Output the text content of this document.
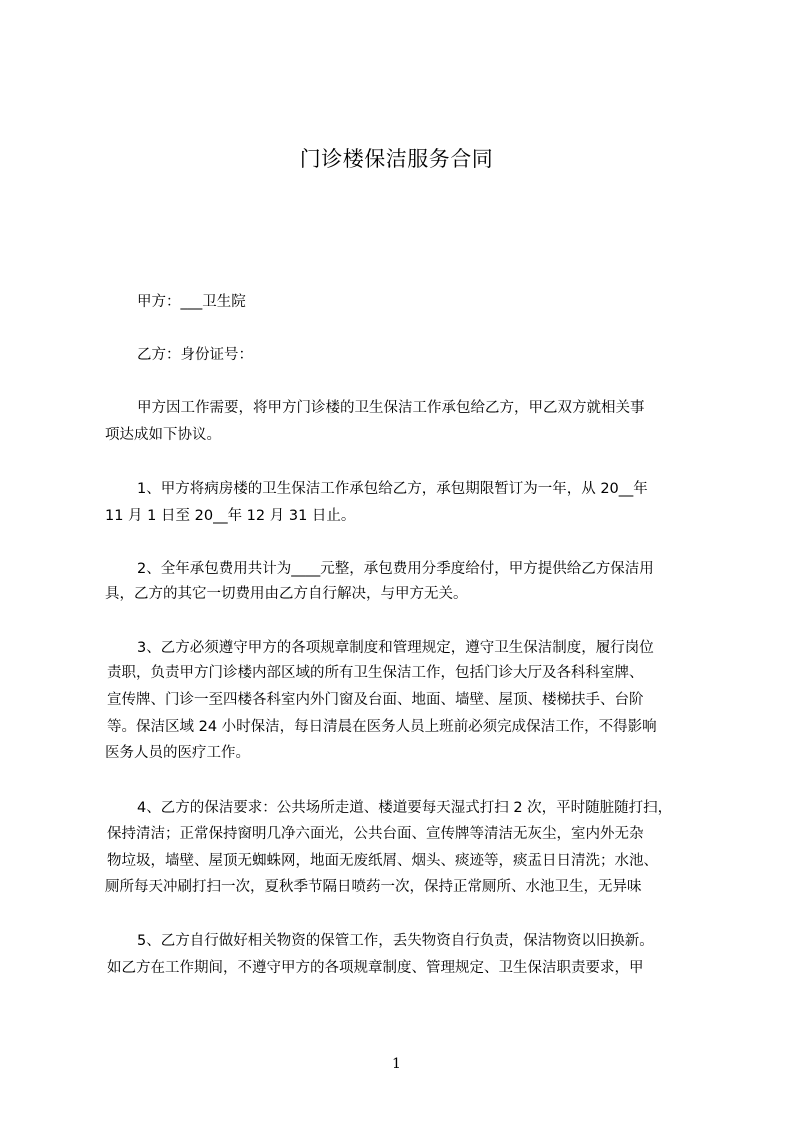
门诊楼保洁服务合同
甲方：___卫生院
乙方：身份证号：
甲方因工作需要，将甲方门诊楼的卫生保洁工作承包给乙方，甲乙双方就相关事
项达成如下协议。
1、甲方将病房楼的卫生保洁工作承包给乙方，承包期限暂订为一年，从 20__年
11 月 1 日至 20__年 12 月 31 日止。
2、全年承包费用共计为____元整，承包费用分季度给付，甲方提供给乙方保洁用
具，乙方的其它一切费用由乙方自行解决，与甲方无关。
3、乙方必须遵守甲方的各项规章制度和管理规定，遵守卫生保洁制度，履行岗位
责职，负责甲方门诊楼内部区域的所有卫生保洁工作，包括门诊大厅及各科科室牌、
宣传牌、门诊一至四楼各科室内外门窗及台面、地面、墙壁、屋顶、楼梯扶手、台阶
等。保洁区域 24 小时保洁，每日清晨在医务人员上班前必须完成保洁工作，不得影响
医务人员的医疗工作。
4、乙方的保洁要求：公共场所走道、楼道要每天湿式打扫 2 次，平时随脏随打扫，
保持清洁；正常保持窗明几净六面光，公共台面、宣传牌等清洁无灰尘，室内外无杂
物垃圾，墙壁、屋顶无蜘蛛网，地面无废纸屑、烟头、痰迹等，痰盂日日清洗；水池、
厕所每天冲刷打扫一次，夏秋季节隔日喷药一次，保持正常厕所、水池卫生，无异味
5、乙方自行做好相关物资的保管工作，丢失物资自行负责，保洁物资以旧换新。
如乙方在工作期间，不遵守甲方的各项规章制度、管理规定、卫生保洁职责要求，甲
1
